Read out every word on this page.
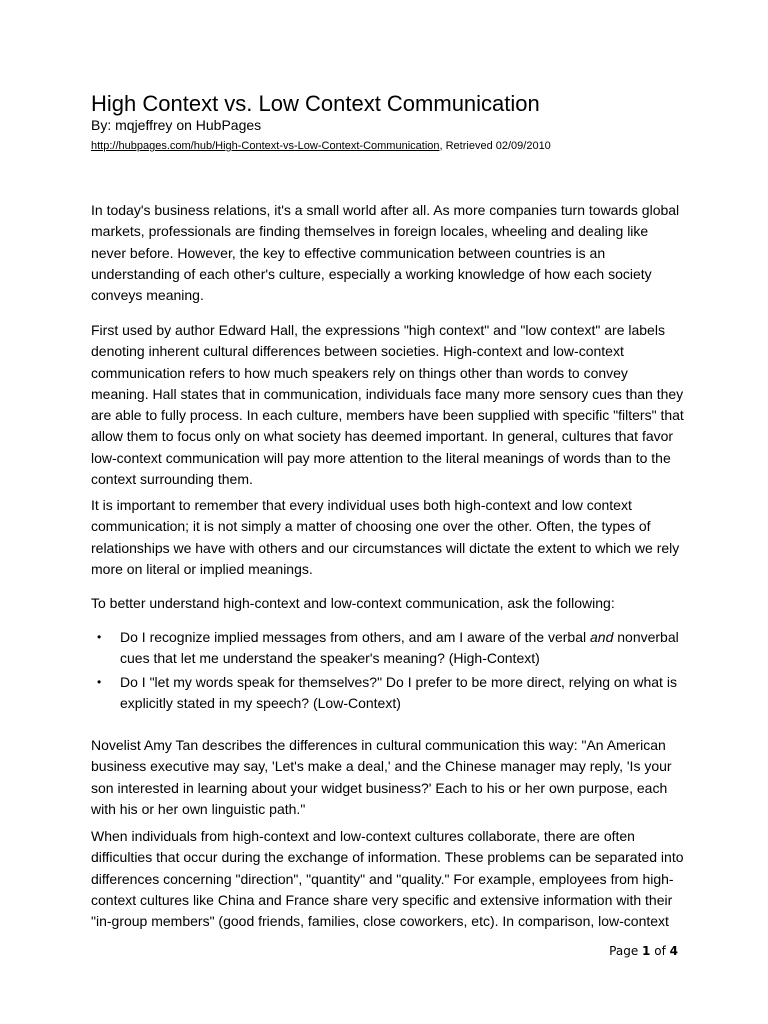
High Context vs. Low Context Communication
By: mqjeffrey on HubPages
http://hubpages.com/hub/High-Context-vs-Low-Context-Communication, Retrieved 02/09/2010
In today's business relations, it's a small world after all. As more companies turn towards global markets, professionals are finding themselves in foreign locales, wheeling and dealing like never before. However, the key to effective communication between countries is an understanding of each other's culture, especially a working knowledge of how each society conveys meaning.
First used by author Edward Hall, the expressions "high context" and "low context" are labels denoting inherent cultural differences between societies. High-context and low-context communication refers to how much speakers rely on things other than words to convey meaning. Hall states that in communication, individuals face many more sensory cues than they are able to fully process. In each culture, members have been supplied with specific "filters" that allow them to focus only on what society has deemed important. In general, cultures that favor low-context communication will pay more attention to the literal meanings of words than to the context surrounding them.
It is important to remember that every individual uses both high-context and low context communication; it is not simply a matter of choosing one over the other. Often, the types of relationships we have with others and our circumstances will dictate the extent to which we rely more on literal or implied meanings.
To better understand high-context and low-context communication, ask the following:
• Do I recognize implied messages from others, and am I aware of the verbal and nonverbal cues that let me understand the speaker's meaning? (High-Context)
• Do I "let my words speak for themselves?" Do I prefer to be more direct, relying on what is explicitly stated in my speech? (Low-Context)
Novelist Amy Tan describes the differences in cultural communication this way: "An American business executive may say, 'Let's make a deal,' and the Chinese manager may reply, 'Is your son interested in learning about your widget business?' Each to his or her own purpose, each with his or her own linguistic path."
When individuals from high-context and low-context cultures collaborate, there are often difficulties that occur during the exchange of information. These problems can be separated into differences concerning "direction", "quantity" and "quality." For example, employees from high-context cultures like China and France share very specific and extensive information with their "in-group members" (good friends, families, close coworkers, etc). In comparison, low-context
Page 1 of 4
